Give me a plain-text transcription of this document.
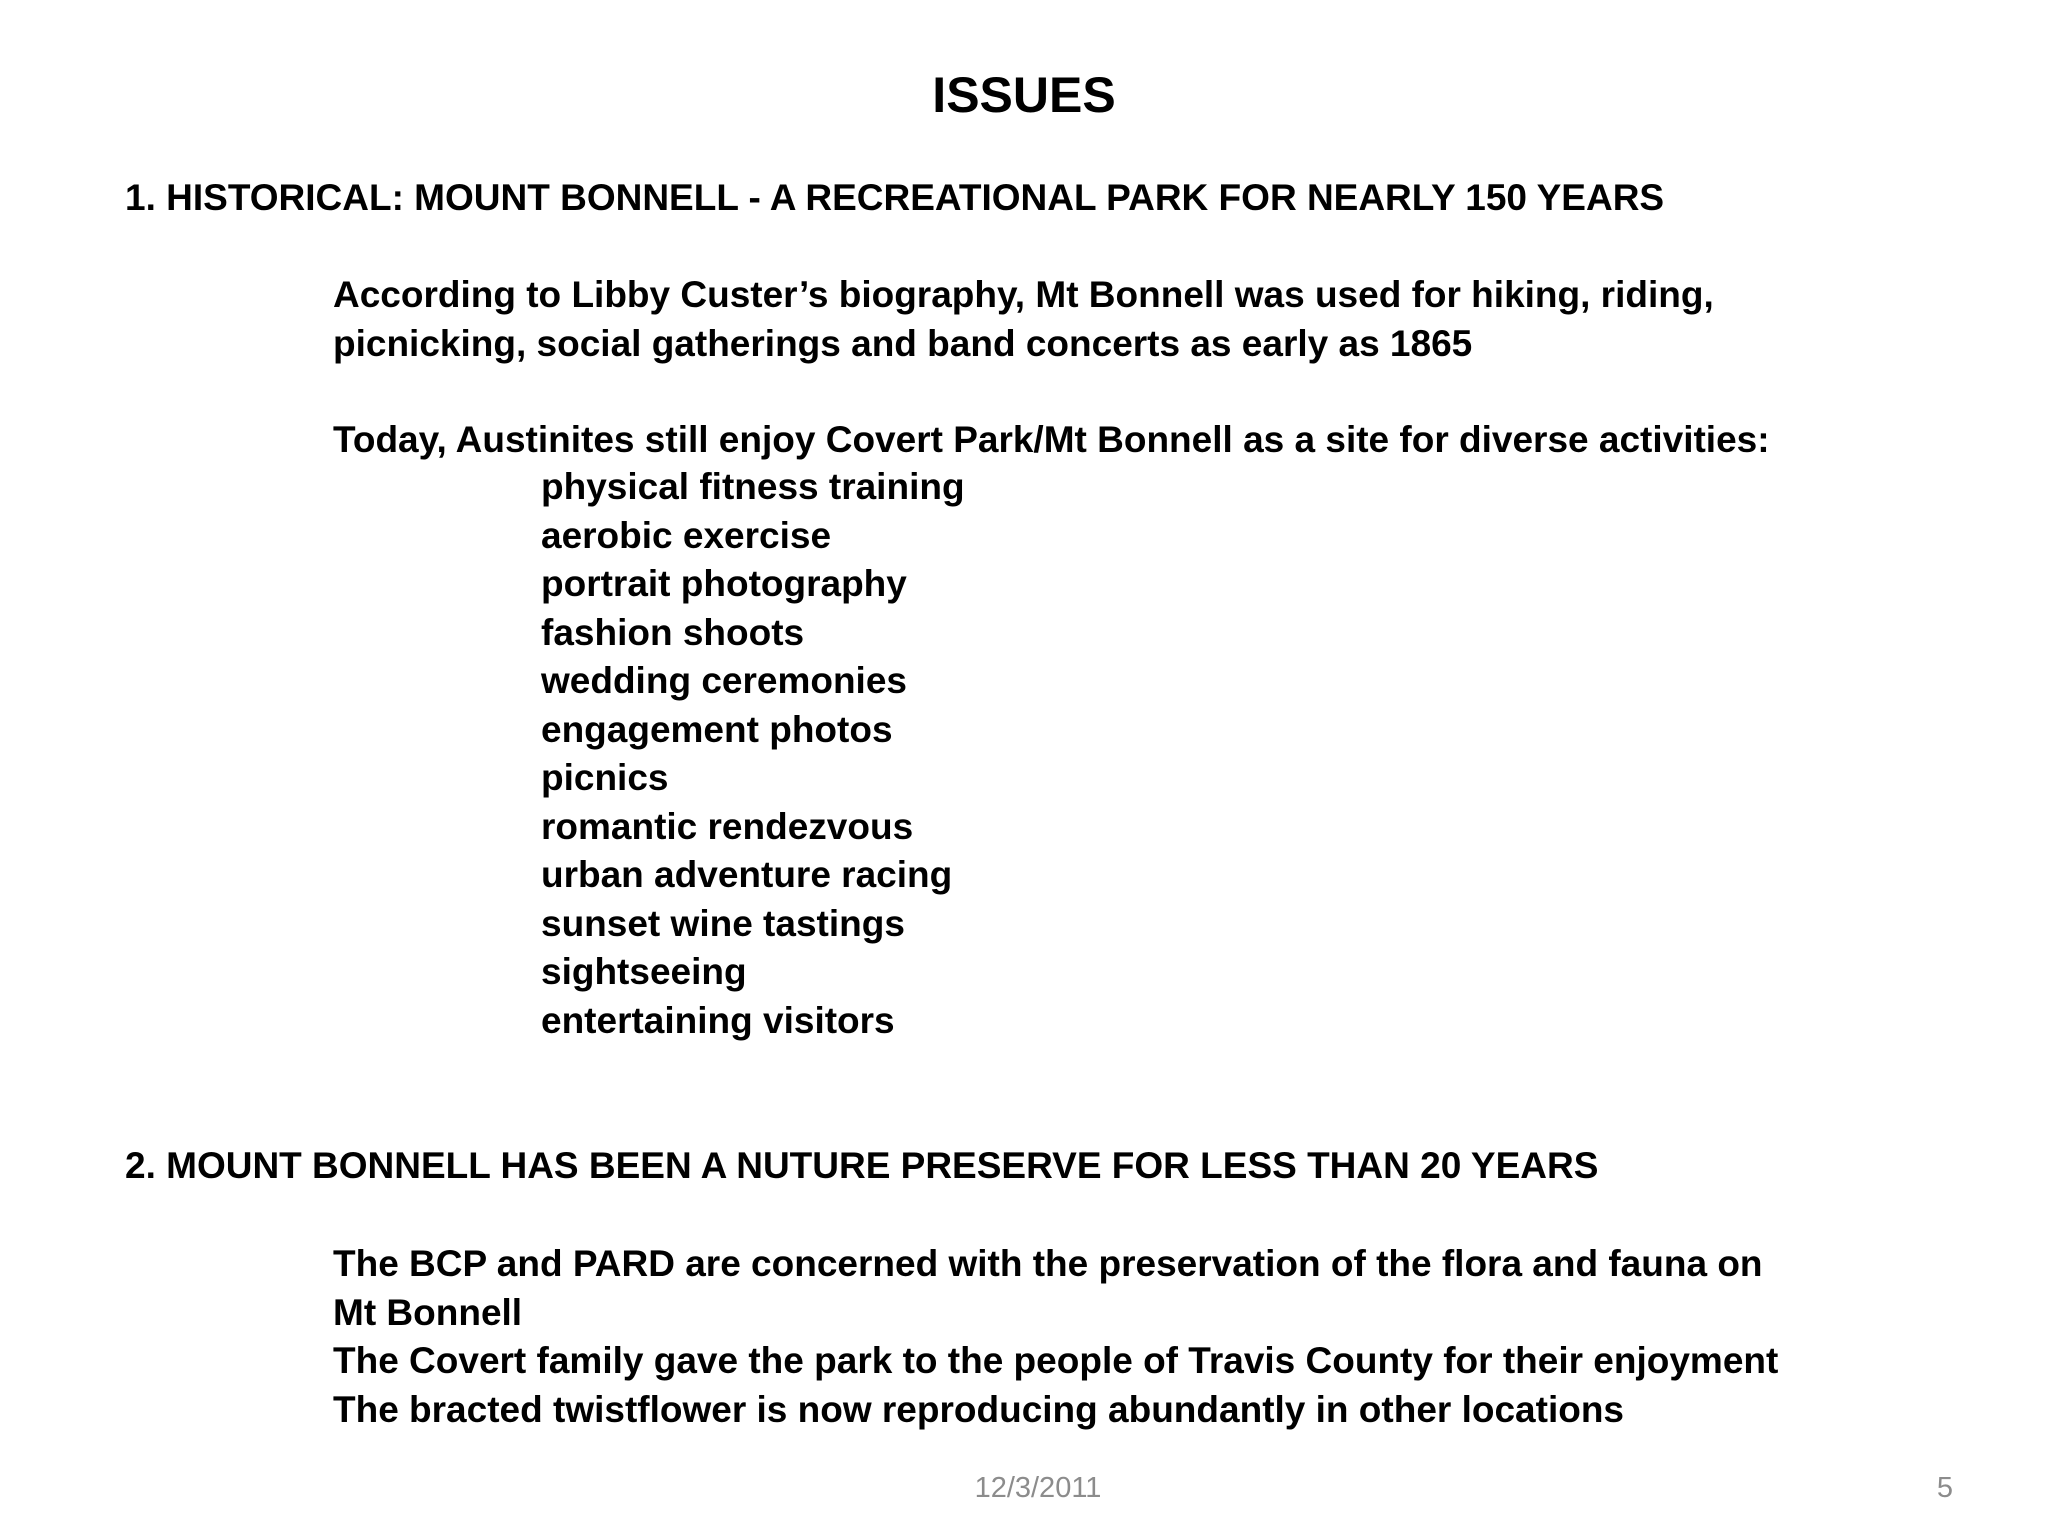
ISSUES
1. HISTORICAL: MOUNT BONNELL - A RECREATIONAL PARK FOR NEARLY 150 YEARS
According to Libby Custer’s biography, Mt Bonnell was used for hiking, riding,
picnicking, social gatherings and band concerts as early as 1865
Today, Austinites still enjoy Covert Park/Mt Bonnell as a site for diverse activities:
physical fitness training
aerobic exercise
portrait photography
fashion shoots
wedding ceremonies
engagement photos
picnics
romantic rendezvous
urban adventure racing
sunset wine tastings
sightseeing
entertaining visitors
2. MOUNT BONNELL HAS BEEN A NUTURE PRESERVE FOR LESS THAN 20 YEARS
The BCP and PARD are concerned with the preservation of the flora and fauna on
Mt Bonnell
The Covert family gave the park to the people of Travis County for their enjoyment
The bracted twistflower is now reproducing abundantly in other locations
12/3/2011	5
